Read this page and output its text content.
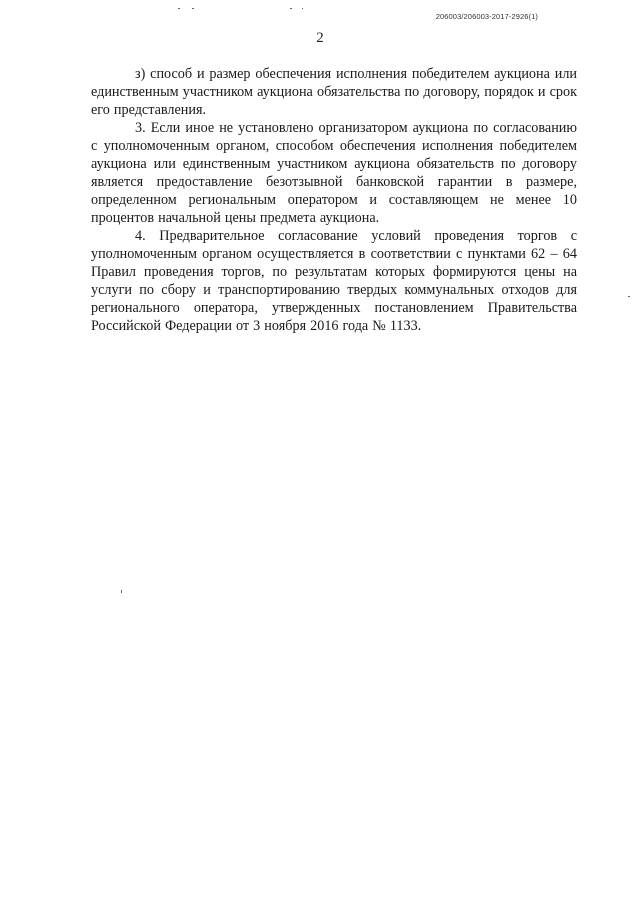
206003/206003-2017-2926(1)
2

з) способ и размер обеспечения исполнения победителем аукциона или единственным участником аукциона обязательства по договору, порядок и срок его представления.

3. Если иное не установлено организатором аукциона по согласованию с уполномоченным органом, способом обеспечения исполнения победителем аукциона или единственным участником аукциона обязательств по договору является предоставление безотзывной банковской гарантии в размере, определенном региональным оператором и составляющем не менее 10 процентов начальной цены предмета аукциона.

4. Предварительное согласование условий проведения торгов с уполномоченным органом осуществляется в соответствии с пунктами 62 – 64 Правил проведения торгов, по результатам которых формируются цены на услуги по сбору и транспортированию твердых коммунальных отходов для регионального оператора, утвержденных постановлением Правительства Российской Федерации от 3 ноября 2016 года № 1133.
